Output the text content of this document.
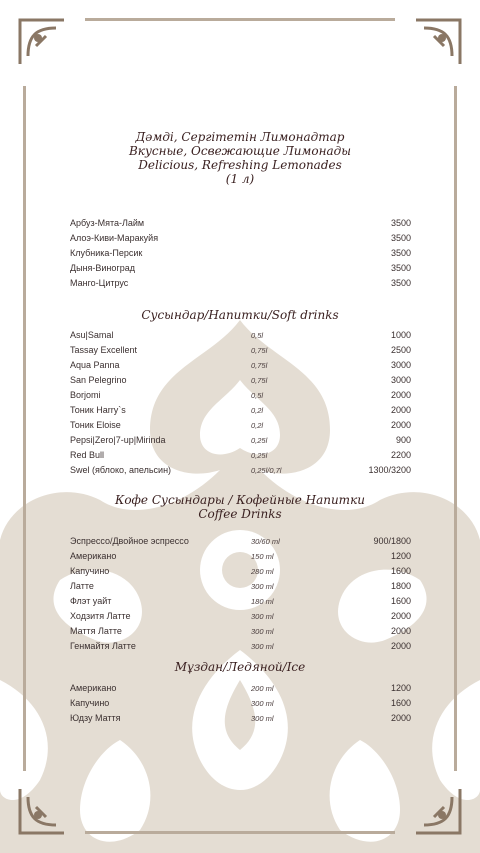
Дәмді, Сергітетін Лимонадтар
Вкусные, Освежающие Лимонады
Delicious, Refreshing Lemonades
(1 л)
Арбуз-Мята-Лайм	3500
Алоэ-Киви-Маракуйя	3500
Клубника-Персик	3500
Дыня-Виноград	3500
Манго-Цитрус	3500
Сусындар/Напитки/Soft drinks
Asu|Samal	0,5l	1000
Tassay Excellent	0,75l	2500
Aqua Panna	0,75l	3000
San Pelegrino	0,75l	3000
Borjomi	0,5l	2000
Тоник Harry`s	0,2l	2000
Тоник Eloise	0,2l	2000
Pepsi|Zero|7-up|Mirinda	0,25l	900
Red Bull	0,25l	2200
Swel (яблоко, апельсин)	0,25l/0,7l	1300/3200
Кофе Сусындары / Кофейные Напитки
Coffee Drinks
Эспрессо/Двойное эспрессо	30/60 ml	900/1800
Американо	150 ml	1200
Капучино	280 ml	1600
Латте	300 ml	1800
Флэт уайт	180 ml	1600
Ходзитя Латте	300 ml	2000
Маття Латте	300 ml	2000
Генмайтя Латте	300 ml	2000
Мұздан/Ледяной/Ice
Американо	200 ml	1200
Капучино	300 ml	1600
Юдзу Маття	300 ml	2000
